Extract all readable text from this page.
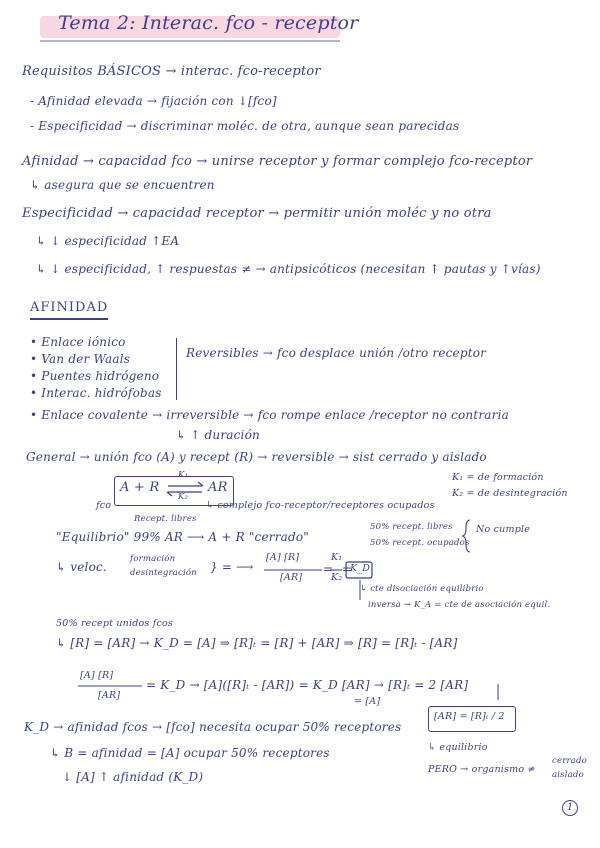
Tema 2: Interac. fco - receptor
Requisitos BÁSICOS → interac. fco-receptor
- Afinidad elevada → fijación con ↓[fco]
- Especificidad → discriminar moléc. de otra, aunque sean parecidas
Afinidad → capacidad fco → unirse receptor y formar complejo fco-receptor
↳ asegura que se encuentren
Especificidad → capacidad receptor → permitir unión moléc y no otra
↳ ↓ especificidad ↑EA
↳ ↓ especificidad, ↑ respuestas ≠ → antipsicóticos (necesitan ↑ pautas y ↑vías)
AFINIDAD
• Enlace iónico
• Van der Waals
• Puentes hidrógeno
• Interac. hidrófobas
Reversibles → fco desplace unión /otro receptor
• Enlace covalente → irreversible → fco rompe enlace /receptor no contraria
↳ ↑ duración
General → unión fco (A) y recept (R) → reversible → sist cerrado y aislado
K₁ = de formación
K₂ = de desintegración
fco
A + R
K₁
K₂
AR
↳ complejo fco-receptor/receptores ocupados
Recept. libres
"Equilibrio" 99% AR ⟶ A + R "cerrado"
50% recept. libres
50% recept. ocupados
No cumple
↳ veloc.
formación
desintegración } = ⟶
[A] [R]
[AR]
=
K₁
K₂
=
K_D
↳ cte disociación equilibrio
inversa → K_A = cte de asociación equil.
50% recept unidos fcos
↳ [R] = [AR] → K_D = [A] ⇒ [R]ₜ = [R] + [AR] ⇒ [R] = [R]ₜ - [AR]
[A] [R]
[AR]
= K_D → [A]([R]ₜ - [AR]) = K_D [AR] → [R]ₜ = 2 [AR]
= [A]
[AR] = [R]ₜ / 2
K_D → afinidad fcos → [fco] necesita ocupar 50% receptores
↳ B = afinidad = [A] ocupar 50% receptores	↳ equilibrio
PERO → organismo ≠
cerrado
aislado
↓ [A] ↑ afinidad (K_D)
1
